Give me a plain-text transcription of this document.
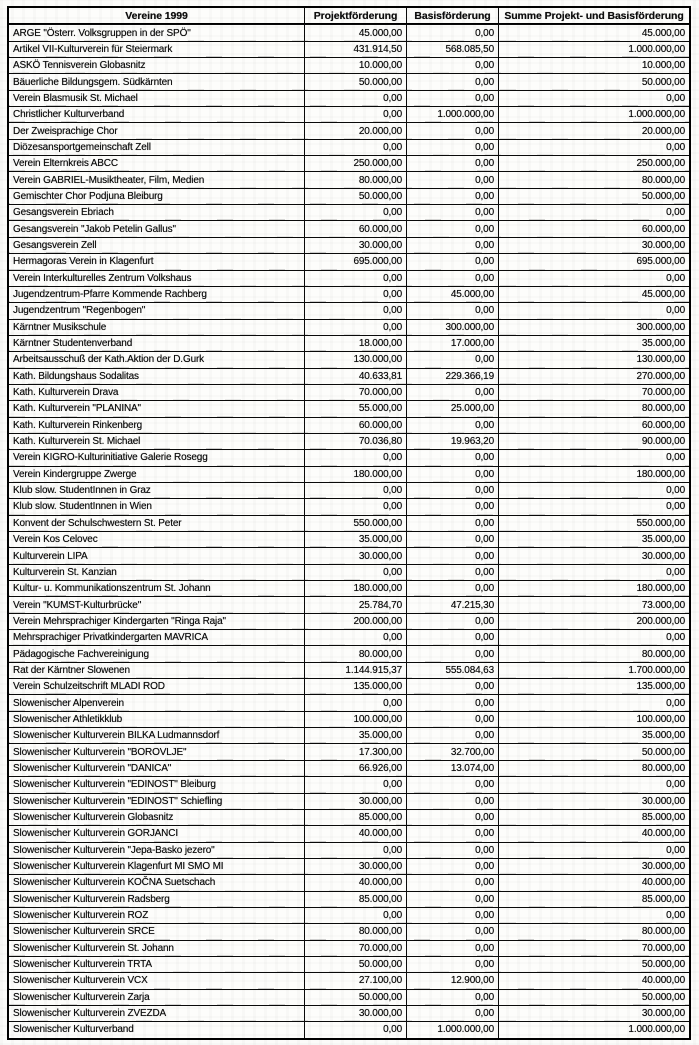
Vereine 1999	Projektförderung	Basisförderung	Summe Projekt- und Basisförderung
ARGE "Österr. Volksgruppen in der SPÖ"	45.000,00	0,00	45.000,00
Artikel VII-Kulturverein für Steiermark	431.914,50	568.085,50	1.000.000,00
ASKÖ Tennisverein Globasnitz	10.000,00	0,00	10.000,00
Bäuerliche Bildungsgem. Südkärnten	50.000,00	0,00	50.000,00
Verein Blasmusik St. Michael	0,00	0,00	0,00
Christlicher Kulturverband	0,00	1.000.000,00	1.000.000,00
Der Zweisprachige Chor	20.000,00	0,00	20.000,00
Diözesansportgemeinschaft Zell	0,00	0,00	0,00
Verein Elternkreis ABCC	250.000,00	0,00	250.000,00
Verein GABRIEL-Musiktheater, Film, Medien	80.000,00	0,00	80.000,00
Gemischter Chor Podjuna Bleiburg	50.000,00	0,00	50.000,00
Gesangsverein Ebriach	0,00	0,00	0,00
Gesangsverein "Jakob Petelin Gallus"	60.000,00	0,00	60.000,00
Gesangsverein Zell	30.000,00	0,00	30.000,00
Hermagoras Verein in Klagenfurt	695.000,00	0,00	695.000,00
Verein Interkulturelles Zentrum Volkshaus	0,00	0,00	0,00
Jugendzentrum-Pfarre Kommende Rachberg	0,00	45.000,00	45.000,00
Jugendzentrum "Regenbogen"	0,00	0,00	0,00
Kärntner Musikschule	0,00	300.000,00	300.000,00
Kärntner Studentenverband	18.000,00	17.000,00	35.000,00
Arbeitsausschuß der Kath.Aktion der D.Gurk	130.000,00	0,00	130.000,00
Kath. Bildungshaus Sodalitas	40.633,81	229.366,19	270.000,00
Kath. Kulturverein Drava	70.000,00	0,00	70.000,00
Kath. Kulturverein "PLANINA"	55.000,00	25.000,00	80.000,00
Kath. Kulturverein Rinkenberg	60.000,00	0,00	60.000,00
Kath. Kulturverein St. Michael	70.036,80	19.963,20	90.000,00
Verein KIGRO-Kulturinitiative Galerie Rosegg	0,00	0,00	0,00
Verein Kindergruppe Zwerge	180.000,00	0,00	180.000,00
Klub slow. StudentInnen in Graz	0,00	0,00	0,00
Klub slow. StudentInnen in Wien	0,00	0,00	0,00
Konvent der Schulschwestern St. Peter	550.000,00	0,00	550.000,00
Verein Kos Celovec	35.000,00	0,00	35.000,00
Kulturverein LIPA	30.000,00	0,00	30.000,00
Kulturverein St. Kanzian	0,00	0,00	0,00
Kultur- u. Kommunikationszentrum St. Johann	180.000,00	0,00	180.000,00
Verein "KUMST-Kulturbrücke"	25.784,70	47.215,30	73.000,00
Verein Mehrsprachiger Kindergarten "Ringa Raja"	200.000,00	0,00	200.000,00
Mehrsprachiger Privatkindergarten MAVRICA	0,00	0,00	0,00
Pädagogische Fachvereinigung	80.000,00	0,00	80.000,00
Rat der Kärntner Slowenen	1.144.915,37	555.084,63	1.700.000,00
Verein Schulzeitschrift MLADI ROD	135.000,00	0,00	135.000,00
Slowenischer Alpenverein	0,00	0,00	0,00
Slowenischer Athletikklub	100.000,00	0,00	100.000,00
Slowenischer Kulturverein BILKA Ludmannsdorf	35.000,00	0,00	35.000,00
Slowenischer Kulturverein "BOROVLJE"	17.300,00	32.700,00	50.000,00
Slowenischer Kulturverein "DANICA"	66.926,00	13.074,00	80.000,00
Slowenischer Kulturverein "EDINOST" Bleiburg	0,00	0,00	0,00
Slowenischer Kulturverein "EDINOST" Schiefling	30.000,00	0,00	30.000,00
Slowenischer Kulturverein Globasnitz	85.000,00	0,00	85.000,00
Slowenischer Kulturverein GORJANCI	40.000,00	0,00	40.000,00
Slowenischer Kulturverein "Jepa-Basko jezero"	0,00	0,00	0,00
Slowenischer Kulturverein Klagenfurt MI SMO MI	30.000,00	0,00	30.000,00
Slowenischer Kulturverein KOČNA Suetschach	40.000,00	0,00	40.000,00
Slowenischer Kulturverein Radsberg	85.000,00	0,00	85.000,00
Slowenischer Kulturverein ROZ	0,00	0,00	0,00
Slowenischer Kulturverein SRCE	80.000,00	0,00	80.000,00
Slowenischer Kulturverein St. Johann	70.000,00	0,00	70.000,00
Slowenischer Kulturverein TRTA	50.000,00	0,00	50.000,00
Slowenischer Kulturverein VCX	27.100,00	12.900,00	40.000,00
Slowenischer Kulturverein Zarja	50.000,00	0,00	50.000,00
Slowenischer Kulturverein ZVEZDA	30.000,00	0,00	30.000,00
Slowenischer Kulturverband	0,00	1.000.000,00	1.000.000,00
